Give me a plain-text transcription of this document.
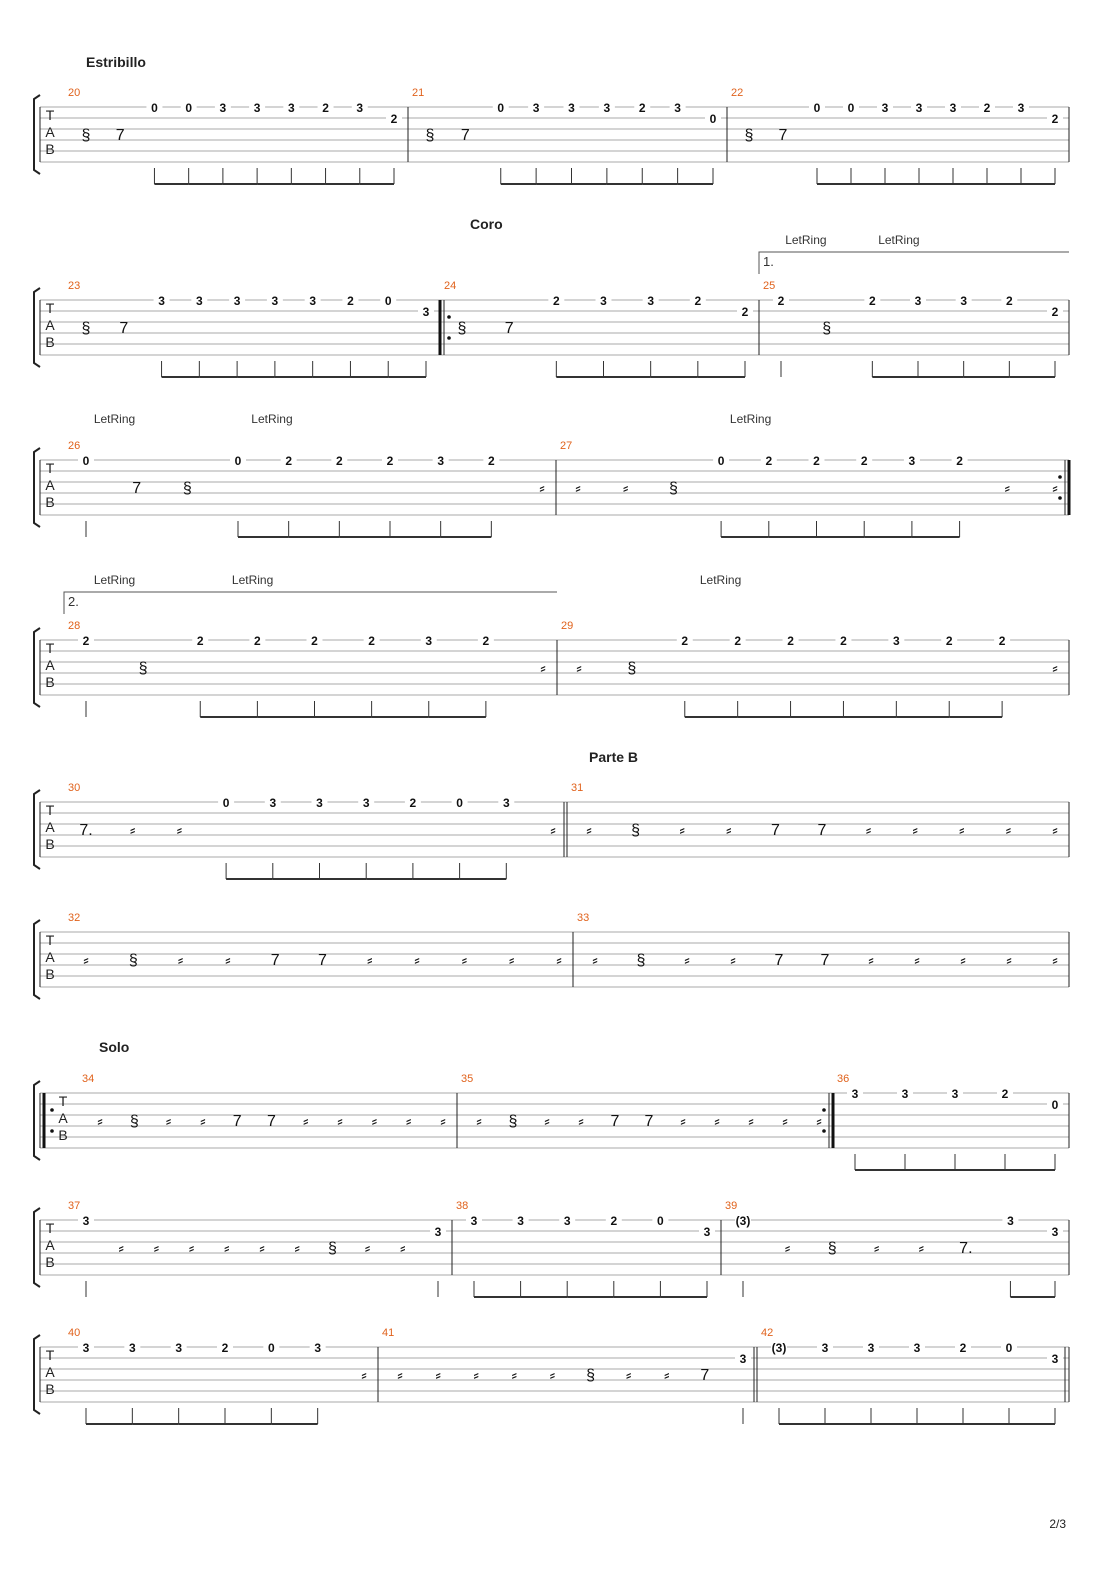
T
A
B
Estribillo
20
§ 7
0 0 3 3 3 2 3
2
21
§ 7
0 3 3 3 2 3
0
22
§ 7
0 0 3 3 3 2 3
2
T
A
B
Coro
23
§ 7
3	3	3	3	3	2	0
3
24
§ 7
2	3	3	2
2
25
2
§
2	3	3	2
2
1.
LetRing	LetRing
T
A
B
26
0
7	§
0	2	2	2	3	2
⸗
27
⸗	⸗	§
0	2	2	2	3	2
⸗	⸗
LetRing	LetRing	LetRing
T
A
B
28
2
§
2	2	2	2	3	2
⸗
29
⸗	§
2	2	2	2	3	2	2
⸗
2.
LetRing	LetRing	LetRing
T
A
B
Parte B
30
7. ⸗	⸗
0	3	3	3	2	0	3
⸗
31
⸗ § ⸗	⸗ 7 7 ⸗	⸗	⸗	⸗	⸗
T
A
B
32
⸗	§	⸗	⸗	7 7	⸗	⸗	⸗	⸗	⸗
33
⸗ § ⸗	⸗ 7 7 ⸗	⸗	⸗	⸗	⸗
T
A
B
Solo
34
⸗ § ⸗ ⸗ 7 7 ⸗ ⸗ ⸗ ⸗ ⸗
35
⸗ § ⸗ ⸗ 7 7 ⸗ ⸗ ⸗ ⸗ ⸗
36
3	3	3	2
0
T
A
B
37
3
⸗ ⸗ ⸗ ⸗ ⸗ ⸗ § ⸗ ⸗
3
38
3	3	3	2	0
3
39
(3)
⸗ § ⸗ ⸗ 7.
3
3
T
A
B
40
3	3	3	2	0	3
⸗
41
⸗ ⸗ ⸗ ⸗ ⸗ § ⸗ ⸗ 7
3
42
(3)	3	3	3	2	0
3
2/3
